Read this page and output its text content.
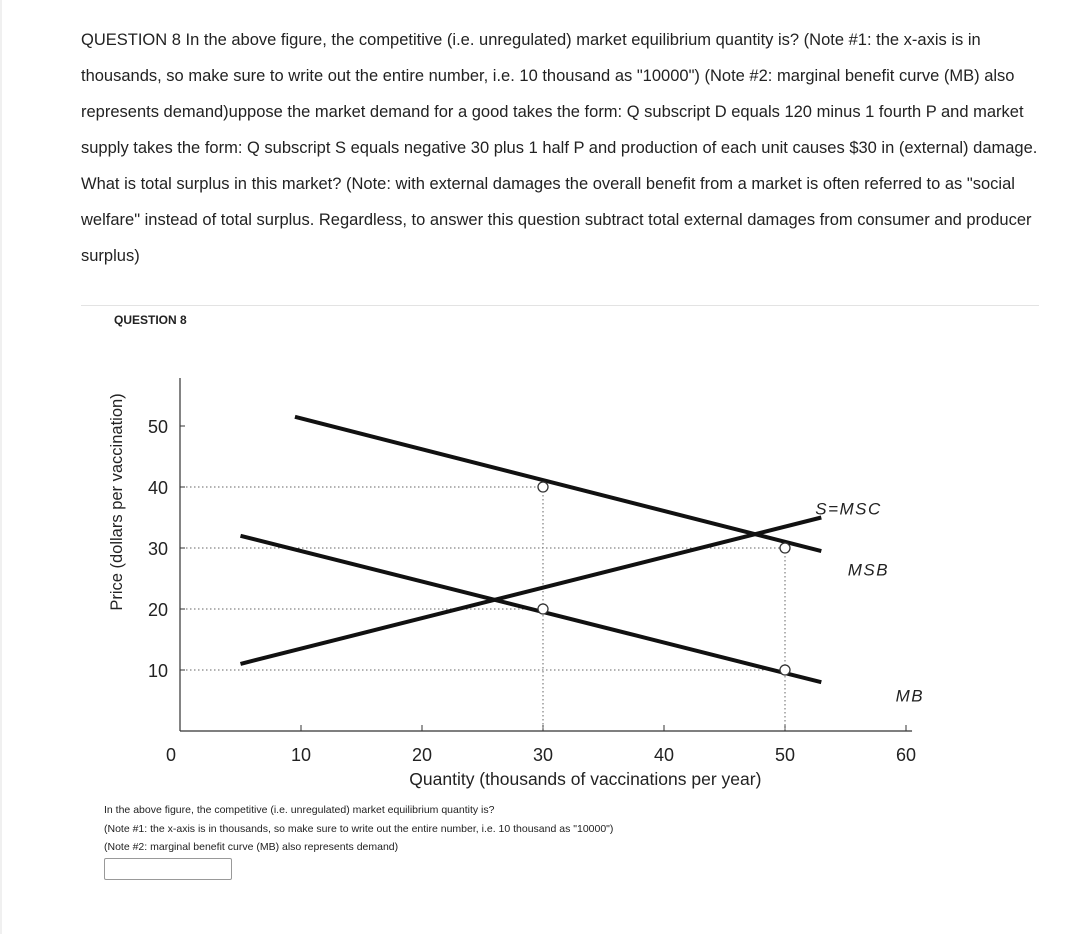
QUESTION 8 In the above figure, the competitive (i.e. unregulated) market equilibrium quantity is? (Note #1: the x-axis is in thousands, so make sure to write out the entire number, i.e. 10 thousand as "10000") (Note #2: marginal benefit curve (MB) also represents demand)uppose the market demand for a good takes the form: Q subscript D equals 120 minus 1 fourth P and market supply takes the form: Q subscript S equals negative 30 plus 1 half P and production of each unit causes $30 in (external) damage. What is total surplus in this market? (Note: with external damages the overall benefit from a market is often referred to as "social welfare" instead of total surplus. Regardless, to answer this question subtract total external damages from consumer and producer surplus)

QUESTION 8
10
20
30
40
50
0	10	20	30	40	50	60
S=MSC
MSB
MB
Quantity (thousands of vaccinations per year)
Price (dollars per vaccination)
In the above figure, the competitive (i.e. unregulated) market equilibrium quantity is?
(Note #1: the x-axis is in thousands, so make sure to write out the entire number, i.e. 10 thousand as "10000")
(Note #2: marginal benefit curve (MB) also represents demand)
